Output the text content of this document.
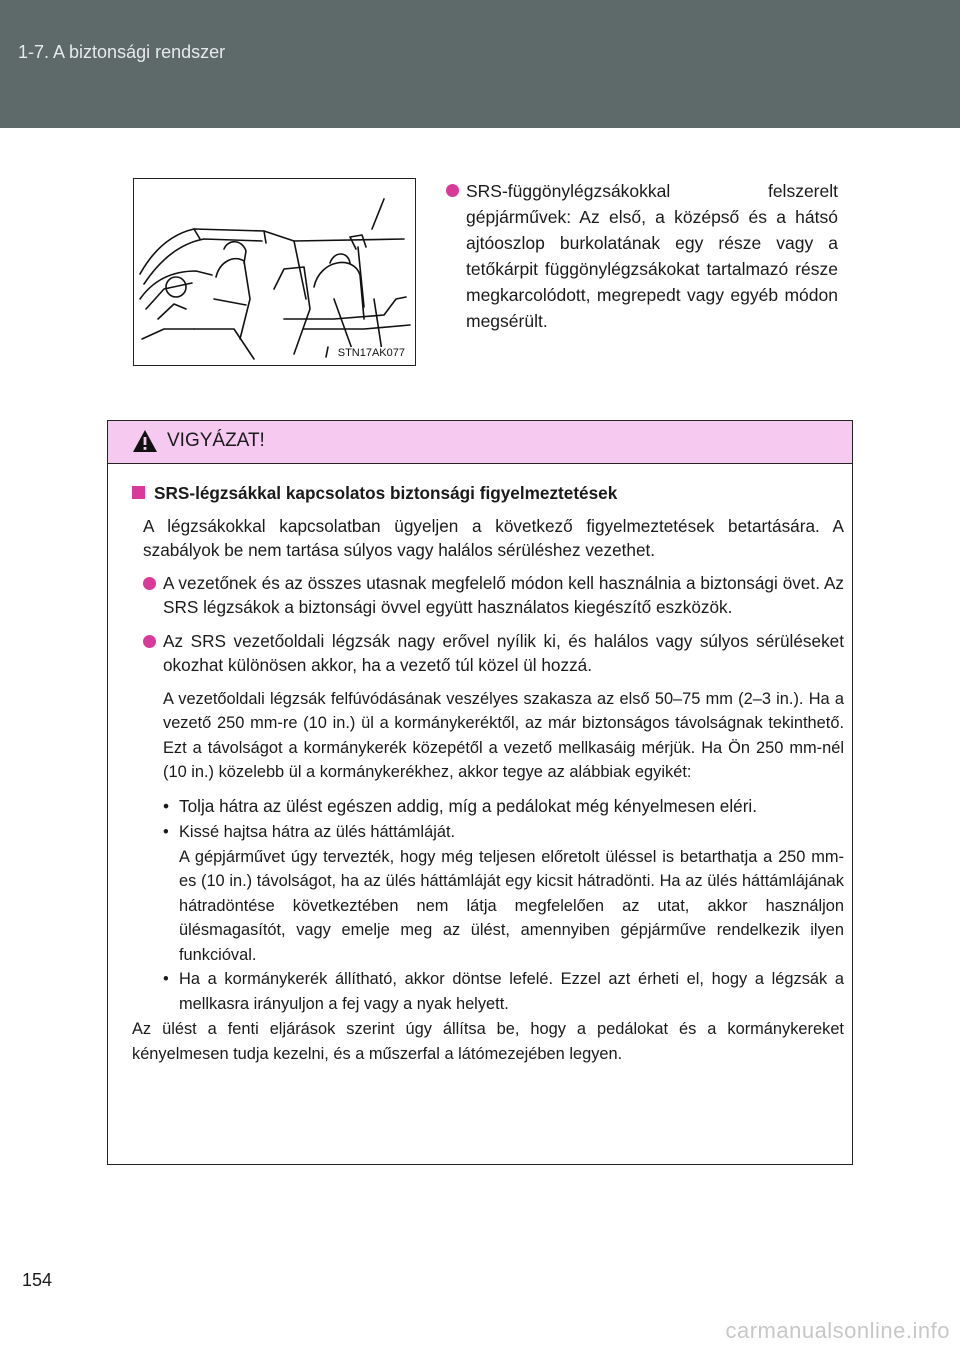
1-7. A biztonsági rendszer
STN17AK077
SRS-függönylégzsákokkal felszerelt gépjárművek: Az első, a középső és a hátsó ajtóoszlop burkolatának egy része vagy a tetőkárpit függönylégzsákokat tartalmazó része megkarcolódott, megrepedt vagy egyéb módon megsérült.
VIGYÁZAT!
SRS-légzsákkal kapcsolatos biztonsági figyelmeztetések
A légzsákokkal kapcsolatban ügyeljen a következő figyelmeztetések betartására. A szabályok be nem tartása súlyos vagy halálos sérüléshez vezethet.
A vezetőnek és az összes utasnak megfelelő módon kell használnia a biztonsági övet. Az SRS légzsákok a biztonsági övvel együtt használatos kiegészítő eszközök.
Az SRS vezetőoldali légzsák nagy erővel nyílik ki, és halálos vagy súlyos sérüléseket okozhat különösen akkor, ha a vezető túl közel ül hozzá.
A vezetőoldali légzsák felfúvódásának veszélyes szakasza az első 50–75 mm (2–3 in.). Ha a vezető 250 mm-re (10 in.) ül a kormánykeréktől, az már biztonságos távolságnak tekinthető. Ezt a távolságot a kormánykerék közepétől a vezető mellkasáig mérjük. Ha Ön 250 mm-nél (10 in.) közelebb ül a kormánykerékhez, akkor tegye az alábbiak egyikét:
• Tolja hátra az ülést egészen addig, míg a pedálokat még kényelmesen eléri.
• Kissé hajtsa hátra az ülés háttámláját.
A gépjárművet úgy tervezték, hogy még teljesen előretolt üléssel is betarthatja a 250 mm-es (10 in.) távolságot, ha az ülés háttámláját egy kicsit hátradönti. Ha az ülés háttámlájának hátradöntése következtében nem látja megfelelően az utat, akkor használjon ülésmagasítót, vagy emelje meg az ülést, amennyiben gépjárműve rendelkezik ilyen funkcióval.
• Ha a kormánykerék állítható, akkor döntse lefelé. Ezzel azt érheti el, hogy a légzsák a mellkasra irányuljon a fej vagy a nyak helyett.
Az ülést a fenti eljárások szerint úgy állítsa be, hogy a pedálokat és a kormánykereket kényelmesen tudja kezelni, és a műszerfal a látómezejében legyen.
154
carmanualsonline.info
